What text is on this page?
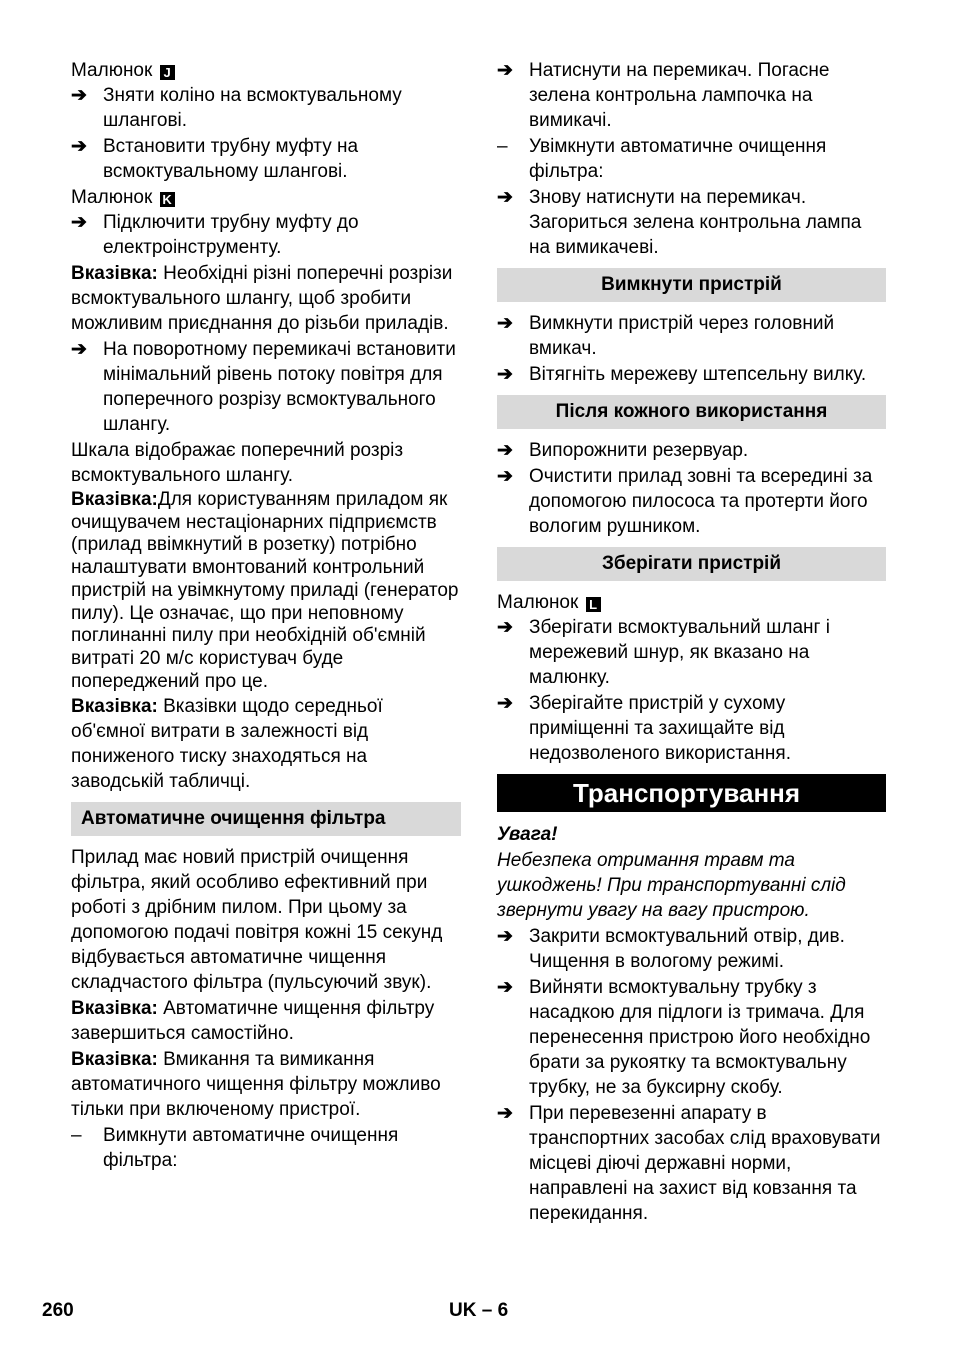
Малюнок J

➔ Зняти коліно на всмоктувальному шлангові.
➔ Встановити трубну муфту на всмоктувальному шлангові.

Малюнок K

➔ Підключити трубну муфту до електроінструменту.

Вказівка: Необхідні різні поперечні розрізи всмоктувального шлангу, щоб зробити можливим приєднання до різьби приладів.

➔ На поворотному перемикачі встановити мінімальний рівень потоку повітря для поперечного розрізу всмоктувального шлангу.

Шкала відображає поперечний розріз всмоктувального шлангу.

Вказівка:Для користуванням приладом як очищувачем нестаціонарних підприємств (прилад ввімкнутий в розетку) потрібно налаштувати вмонтований контрольний пристрій на увімкнутому приладі (генератор пилу). Це означає, що при неповному поглинанні пилу при необхідній об'ємній витраті 20 м/с користувач буде попереджений про це.

Вказівка: Вказівки щодо середньої об'ємної витрати в залежності від пониженого тиску знаходяться на заводській табличці.

Автоматичне очищення фільтра

Прилад має новий пристрій очищення фільтра, який особливо ефективний при роботі з дрібним пилом. При цьому за допомогою подачі повітря кожні 15 секунд відбувається автоматичне чищення складчастого фільтра (пульсуючий звук).

Вказівка: Автоматичне чищення фільтру завершиться самостійно.

Вказівка: Вмикання та вимикання автоматичного чищення фільтру можливо тільки при включеному пристрої.

–	Вимкнути автоматичне очищення фільтра:
➔ Натиснути на перемикач. Погасне зелена контрольна лампочка на вимикачі.
–	Увімкнути автоматичне очищення фільтра:
➔ Знову натиснути на перемикач. Загориться зелена контрольна лампа на вимикачеві.
Вимкнути пристрій
➔ Вимкнути пристрій через головний вмикач.
➔ Вітягніть мережеву штепсельну вилку.
Після кожного використання
➔ Випорожнити резервуар.
➔ Очистити прилад зовні та всередині за допомогою пилососа та протерти його вологим рушником.
Зберігати пристрій

Малюнок L

➔ Зберігати всмоктувальний шланг і мережевий шнур, як вказано на малюнку.
➔ Зберігайте пристрій у сухому приміщенні та захищайте від недозволеного використання.
Транспортування

Увага!

Небезпека отримання травм та ушкоджень! При транспортуванні слід звернути увагу на вагу пристрою.

➔ Закрити всмоктувальний отвір, див. Чищення в вологому режимі.
➔ Вийняти всмоктувальну трубку з насадкою для підлоги із тримача. Для перенесення пристрою його необхідно брати за рукоятку та всмоктувальну трубку, не за буксирну скобу.
➔ При перевезенні апарату в транспортних засобах слід враховувати місцеві діючі державні норми, направлені на захист від ковзання та перекидання.
260	UK – 6
